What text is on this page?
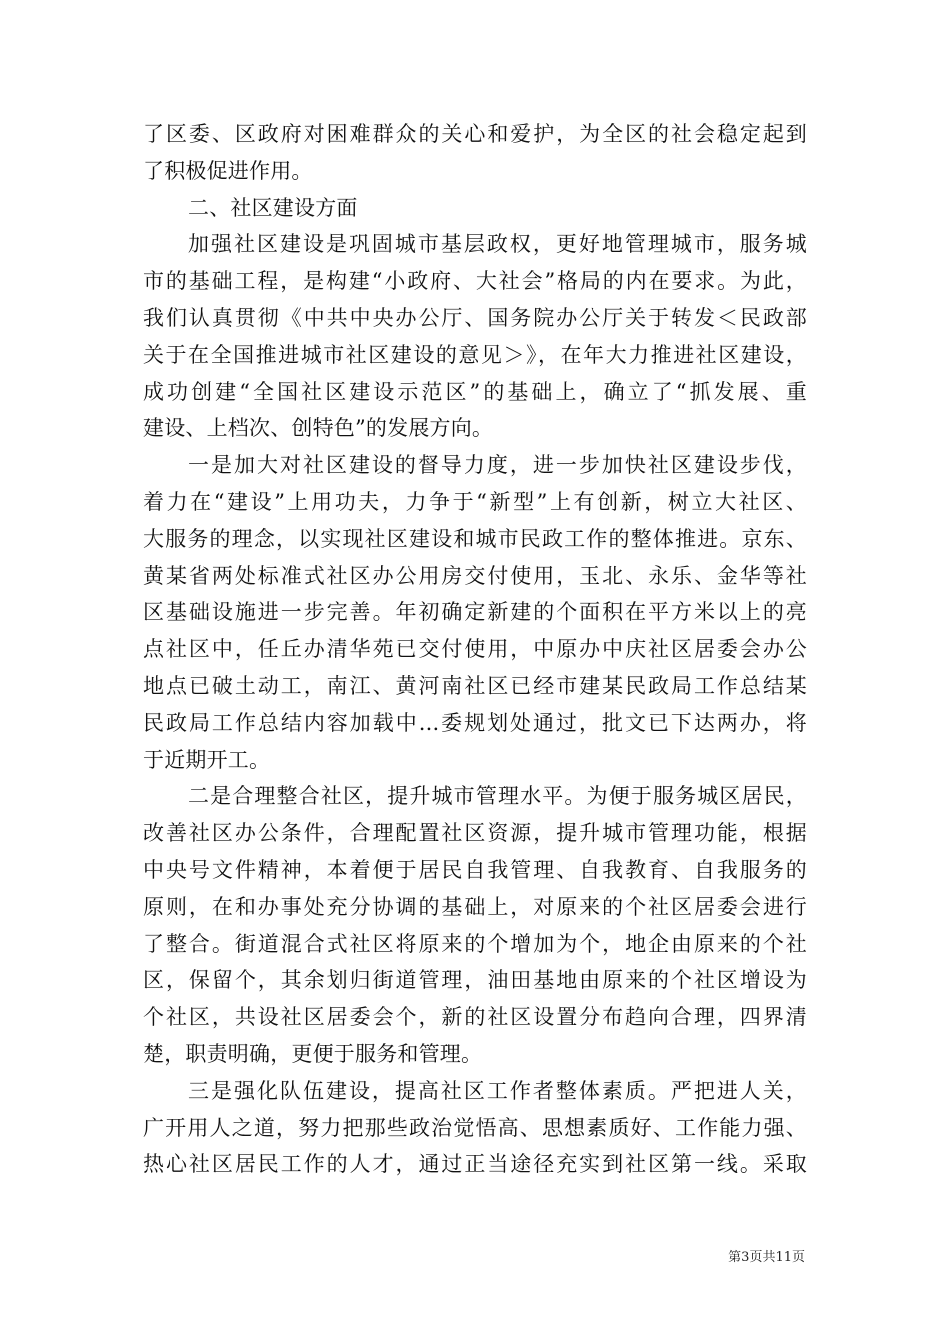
了区委、区政府对困难群众的关心和爱护，为全区的社会稳定起到
了积极促进作用。
二、社区建设方面
加强社区建设是巩固城市基层政权，更好地管理城市，服务城
市的基础工程，是构建“小政府、大社会”格局的内在要求。为此，
我们认真贯彻《中共中央办公厅、国务院办公厅关于转发＜民政部
关于在全国推进城市社区建设的意见＞》，在年大力推进社区建设，
成功创建“全国社区建设示范区”的基础上，确立了“抓发展、重
建设、上档次、创特色”的发展方向。
一是加大对社区建设的督导力度，进一步加快社区建设步伐，
着力在“建设”上用功夫，力争于“新型”上有创新，树立大社区、
大服务的理念，以实现社区建设和城市民政工作的整体推进。京东、
黄某省两处标准式社区办公用房交付使用，玉北、永乐、金华等社
区基础设施进一步完善。年初确定新建的个面积在平方米以上的亮
点社区中，任丘办清华苑已交付使用，中原办中庆社区居委会办公
地点已破土动工，南江、黄河南社区已经市建某民政局工作总结某
民政局工作总结内容加载中...委规划处通过，批文已下达两办，将
于近期开工。
二是合理整合社区，提升城市管理水平。为便于服务城区居民，
改善社区办公条件，合理配置社区资源，提升城市管理功能，根据
中央号文件精神，本着便于居民自我管理、自我教育、自我服务的
原则，在和办事处充分协调的基础上，对原来的个社区居委会进行
了整合。街道混合式社区将原来的个增加为个，地企由原来的个社
区，保留个，其余划归街道管理，油田基地由原来的个社区增设为
个社区，共设社区居委会个，新的社区设置分布趋向合理，四界清
楚，职责明确，更便于服务和管理。
三是强化队伍建设，提高社区工作者整体素质。严把进人关，
广开用人之道，努力把那些政治觉悟高、思想素质好、工作能力强、
热心社区居民工作的人才，通过正当途径充实到社区第一线。采取
第3页共11页
